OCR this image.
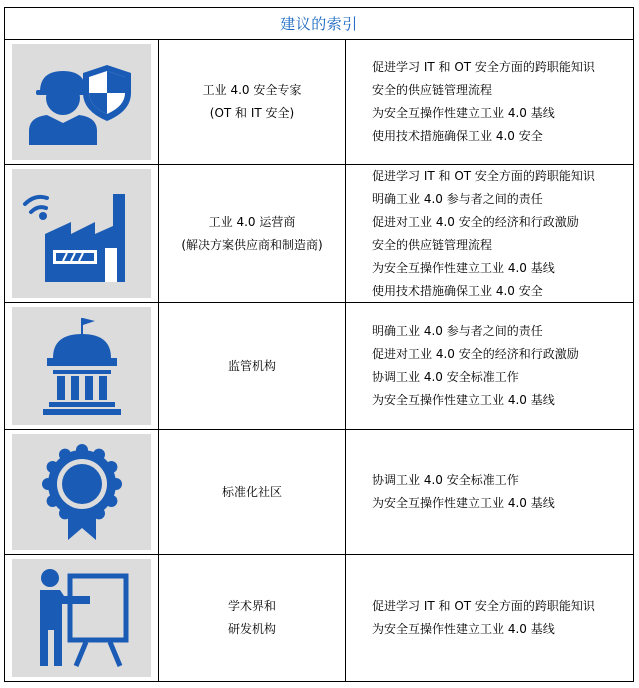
建议的索引
工业 4.0 安全专家
(OT 和 IT 安全)
促进学习 IT 和 OT 安全方面的跨职能知识
安全的供应链管理流程
为安全互操作性建立工业 4.0 基线
使用技术措施确保工业 4.0 安全
工业 4.0 运营商
(解决方案供应商和制造商)
促进学习 IT 和 OT 安全方面的跨职能知识
明确工业 4.0 参与者之间的责任
促进对工业 4.0 安全的经济和行政激励
安全的供应链管理流程
为安全互操作性建立工业 4.0 基线
使用技术措施确保工业 4.0 安全
监管机构
明确工业 4.0 参与者之间的责任
促进对工业 4.0 安全的经济和行政激励
协调工业 4.0 安全标准工作
为安全互操作性建立工业 4.0 基线
标准化社区
协调工业 4.0 安全标准工作
为安全互操作性建立工业 4.0 基线
学术界和
研发机构
促进学习 IT 和 OT 安全方面的跨职能知识
为安全互操作性建立工业 4.0 基线
